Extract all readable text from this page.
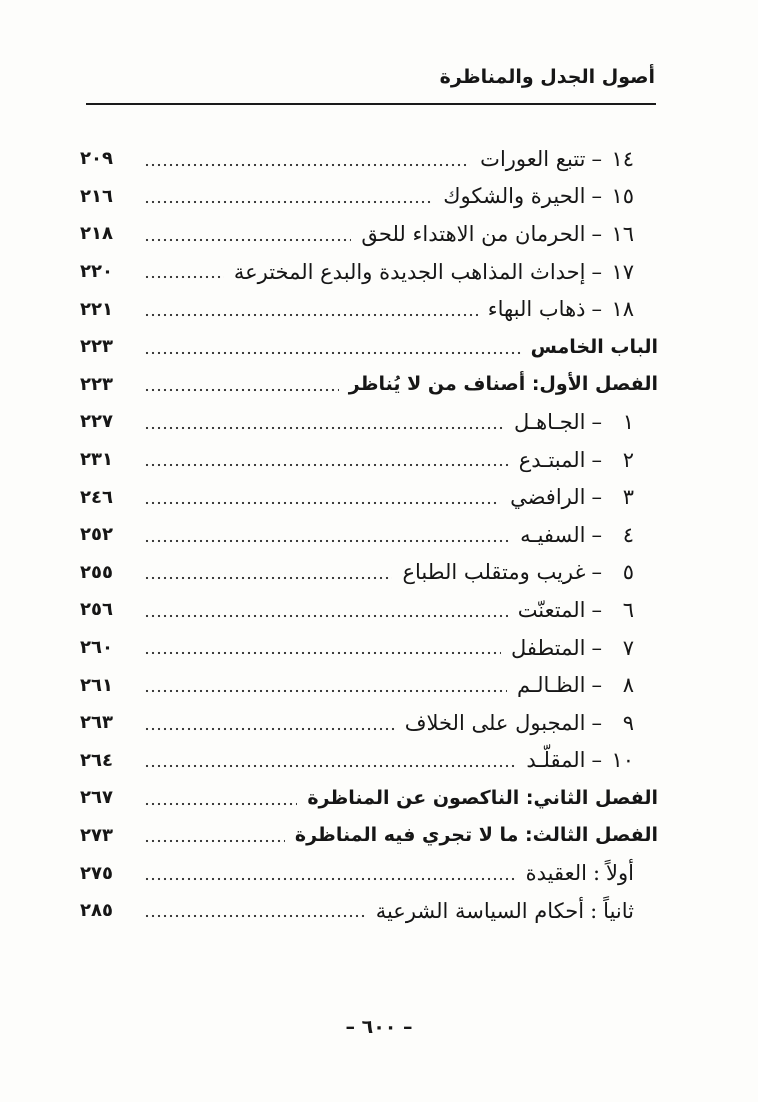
أصول الجدل والمناظرة
١٤
–
تتبع العورات
٢٠٩
١٥
–
الحيرة والشكوك
٢١٦
١٦
–
الحرمان من الاهتداء للحق
٢١٨
١٧
–
إحداث المذاهب الجديدة والبدع المخترعة
٢٢٠
١٨
–
ذهاب البهاء
٢٢١
الباب الخامس
٢٢٣
الفصل الأول: أصناف من لا يُناظر
٢٢٣
١
–
الجـاهـل
٢٢٧
٢
–
المبتـدع
٢٣١
٣
–
الرافضي
٢٤٦
٤
–
السفيـه
٢٥٢
٥
–
غريب ومتقلب الطباع
٢٥٥
٦
–
المتعنّت
٢٥٦
٧
–
المتطفل
٢٦٠
٨
–
الظـالـم
٢٦١
٩
–
المجبول على الخلاف
٢٦٣
١٠
–
المقلّـد
٢٦٤
الفصل الثاني: الناكصون عن المناظرة
٢٦٧
الفصل الثالث: ما لا تجري فيه المناظرة
٢٧٣
أولاً
:
العقيدة
٢٧٥
ثانياً
:
أحكام السياسة الشرعية
٢٨٥
– ٦٠٠ –
